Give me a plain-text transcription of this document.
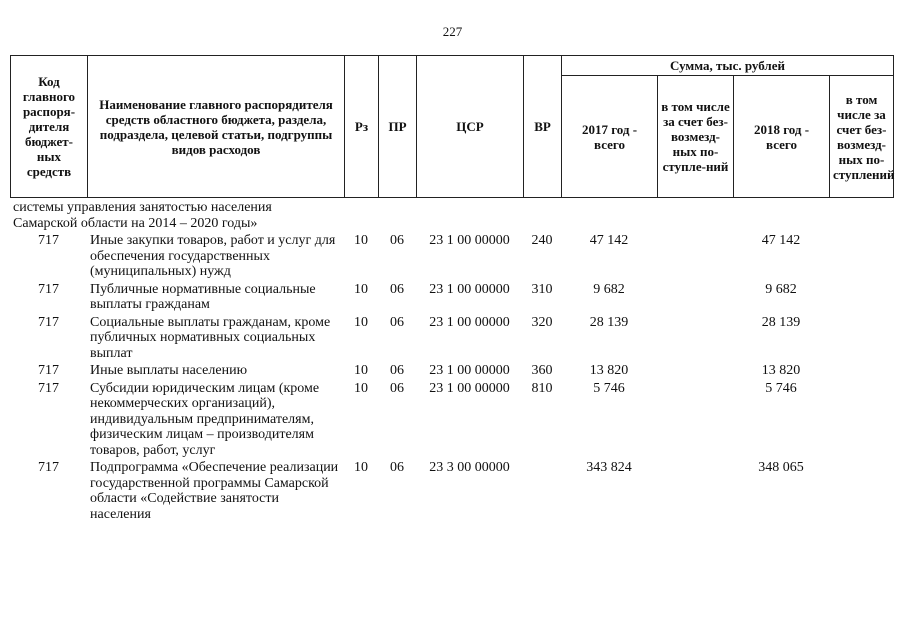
227
Код главного распоря-дителя бюджет-ных средств	Наименование главного распорядителя средств областного бюджета, раздела, подраздела, целевой статьи, подгруппы видов расходов	Рз	ПР	ЦСР	ВР	Сумма, тыс. рублей			
						2017 год - всего	в том числе за счет без-возмезд-ных по-ступле-ний	2018 год - всего	в том числе за счет без-возмезд-ных по-ступлений
системы управления занятостью населения Самарской области на 2014 – 2020 годы»									
717	Иные закупки товаров, работ и услуг для обеспечения государственных (муниципальных) нужд	10	06	23 1 00 00000	240	47 142		47 142	
717	Публичные нормативные социальные выплаты гражданам	10	06	23 1 00 00000	310	9 682		9 682	
717	Социальные выплаты гражданам, кроме публичных нормативных социальных выплат	10	06	23 1 00 00000	320	28 139		28 139	
717	Иные выплаты населению	10	06	23 1 00 00000	360	13 820		13 820	
717	Субсидии юридическим лицам (кроме некоммерческих организаций), индивидуальным предпринимателям, физическим лицам – производителям товаров, работ, услуг	10	06	23 1 00 00000	810	5 746		5 746	
717	Подпрограмма «Обеспечение реализации государственной программы Самарской области «Содействие занятости населения	10	06	23 3 00 00000		343 824		348 065	
